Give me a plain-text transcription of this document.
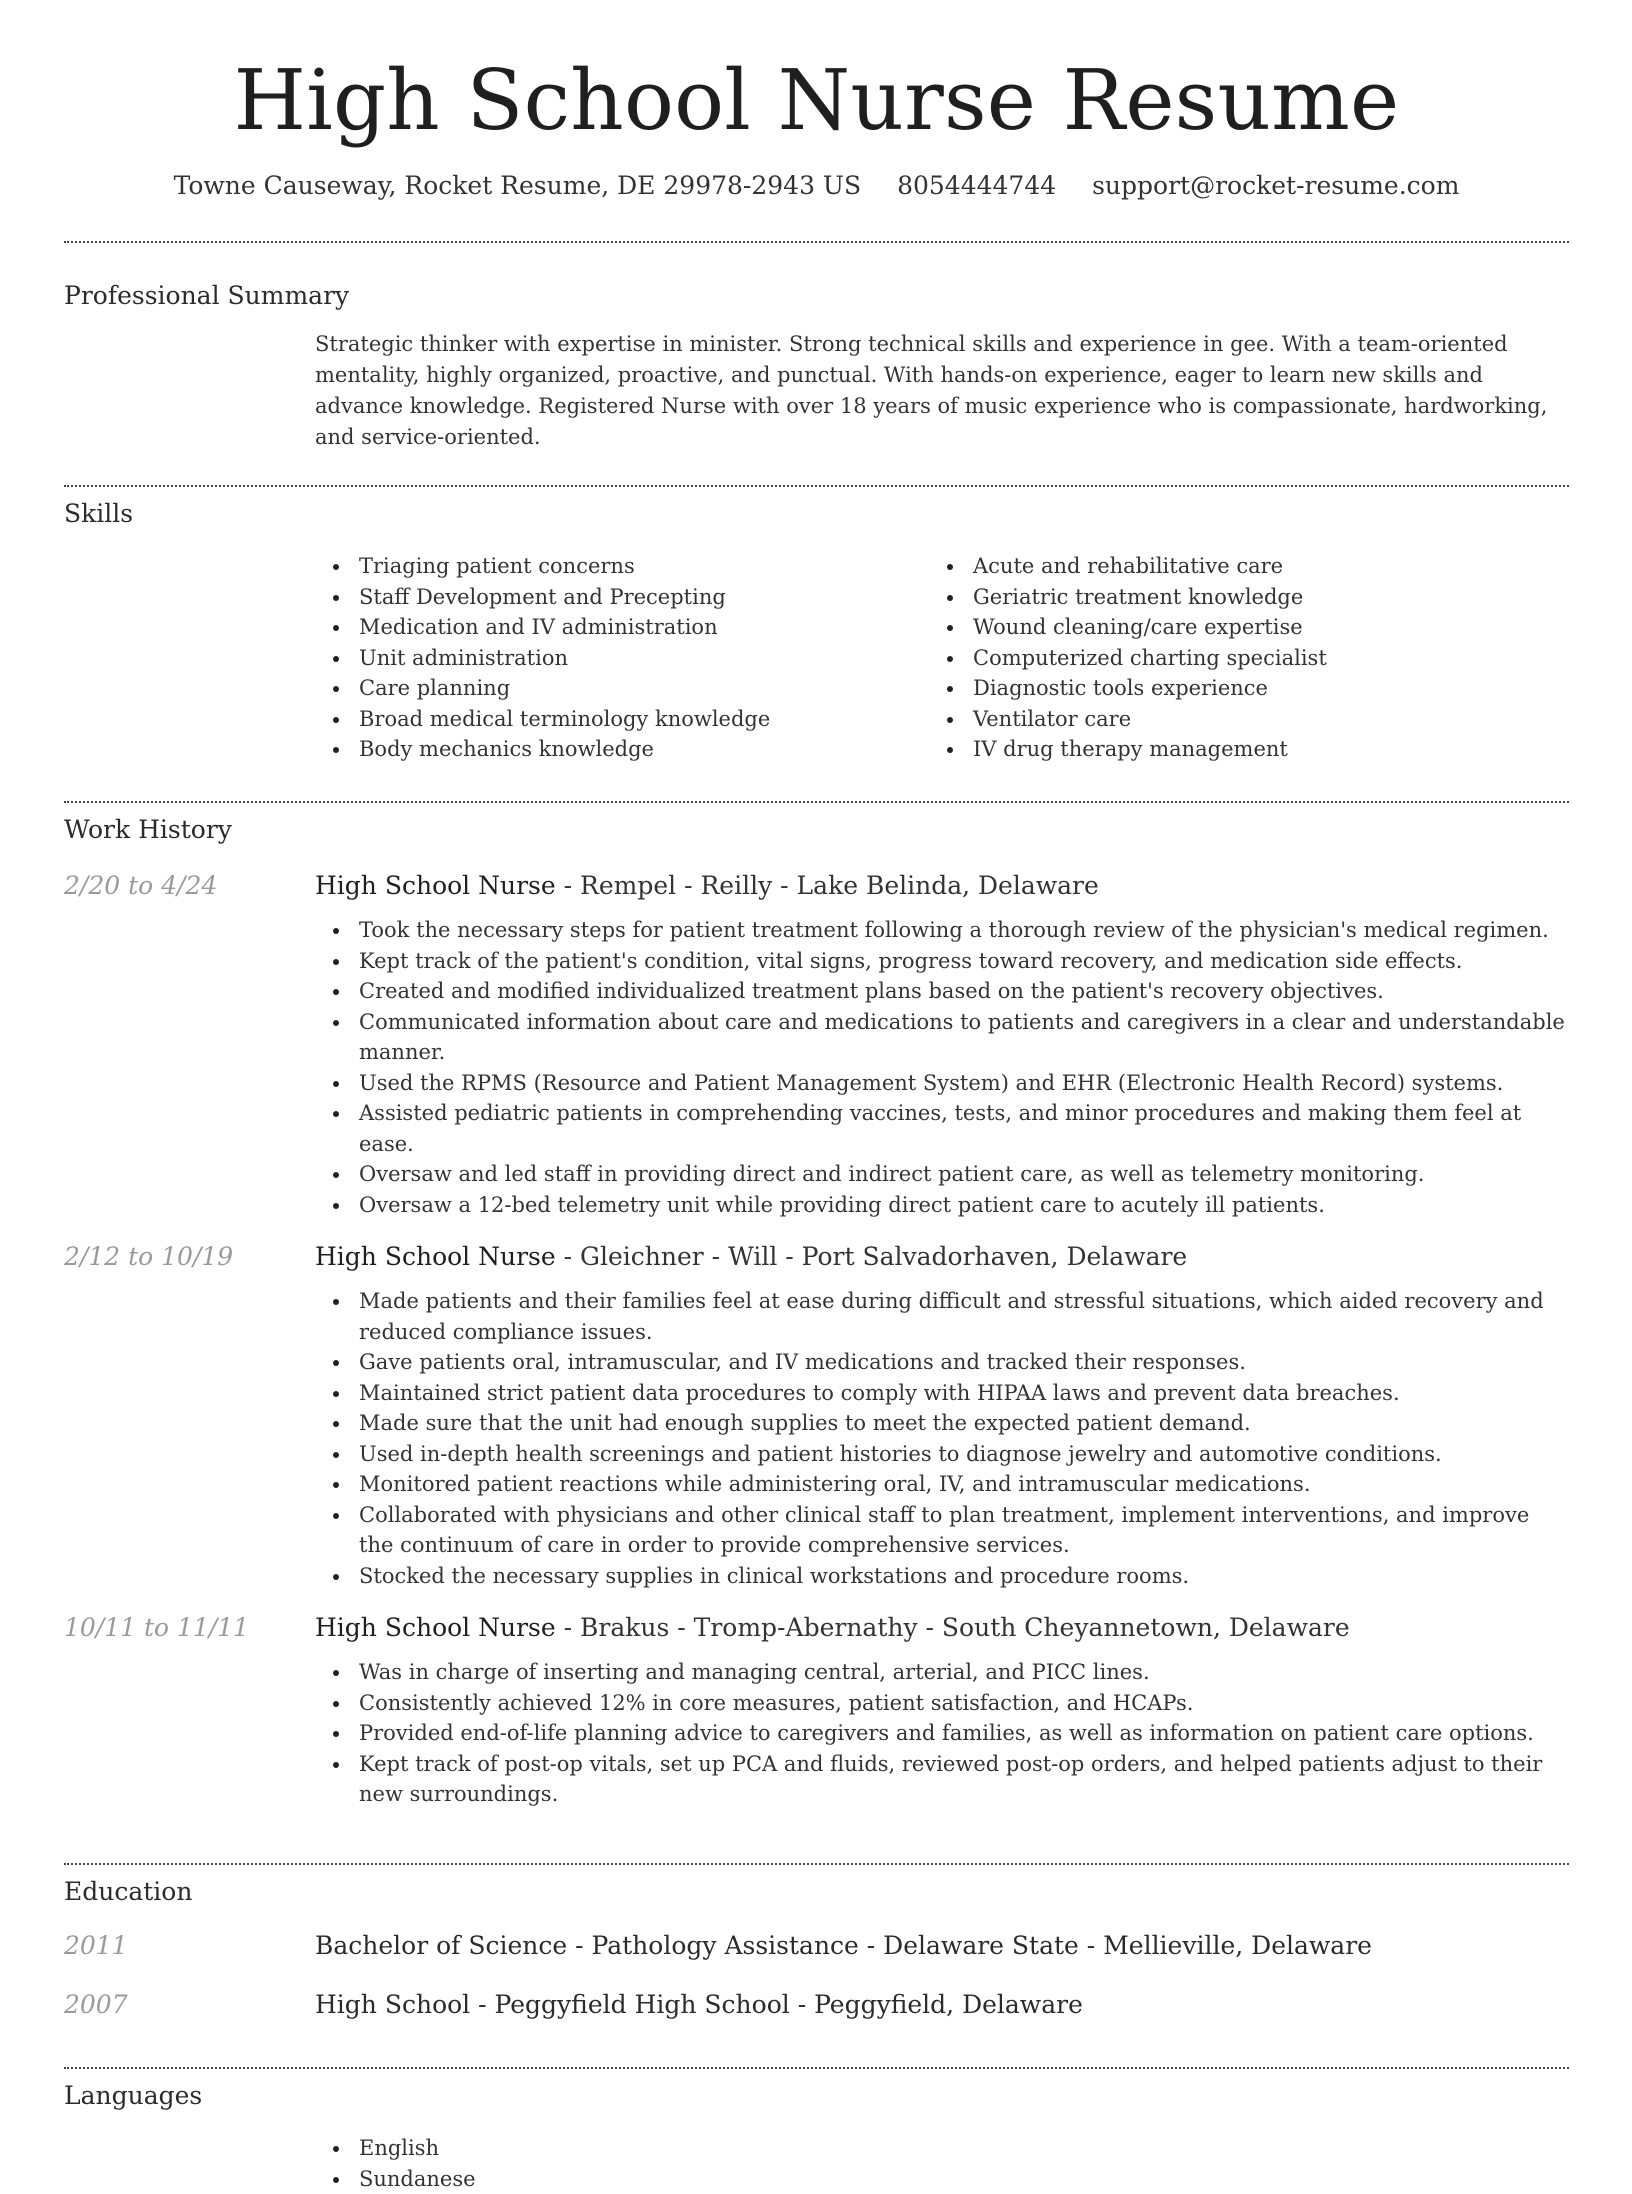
High School Nurse Resume
Towne Causeway, Rocket Resume, DE 29978-2943 US 8054444744 support@rocket-resume.com
Professional Summary
Strategic thinker with expertise in minister. Strong technical skills and experience in gee. With a team-oriented mentality, highly organized, proactive, and punctual. With hands-on experience, eager to learn new skills and advance knowledge. Registered Nurse with over 18 years of music experience who is compassionate, hardworking, and service-oriented.
Skills
Triaging patient concerns
Staff Development and Precepting
Medication and IV administration
Unit administration
Care planning
Broad medical terminology knowledge
Body mechanics knowledge
Acute and rehabilitative care
Geriatric treatment knowledge
Wound cleaning/care expertise
Computerized charting specialist
Diagnostic tools experience
Ventilator care
IV drug therapy management
Work History
2/20 to 4/24	High School Nurse - Rempel - Reilly - Lake Belinda, Delaware
Took the necessary steps for patient treatment following a thorough review of the physician's medical regimen.
Kept track of the patient's condition, vital signs, progress toward recovery, and medication side effects.
Created and modified individualized treatment plans based on the patient's recovery objectives.
Communicated information about care and medications to patients and caregivers in a clear and understandable manner.
Used the RPMS (Resource and Patient Management System) and EHR (Electronic Health Record) systems.
Assisted pediatric patients in comprehending vaccines, tests, and minor procedures and making them feel at ease.
Oversaw and led staff in providing direct and indirect patient care, as well as telemetry monitoring.
Oversaw a 12-bed telemetry unit while providing direct patient care to acutely ill patients.
2/12 to 10/19	High School Nurse - Gleichner - Will - Port Salvadorhaven, Delaware
Made patients and their families feel at ease during difficult and stressful situations, which aided recovery and reduced compliance issues.
Gave patients oral, intramuscular, and IV medications and tracked their responses.
Maintained strict patient data procedures to comply with HIPAA laws and prevent data breaches.
Made sure that the unit had enough supplies to meet the expected patient demand.
Used in-depth health screenings and patient histories to diagnose jewelry and automotive conditions.
Monitored patient reactions while administering oral, IV, and intramuscular medications.
Collaborated with physicians and other clinical staff to plan treatment, implement interventions, and improve the continuum of care in order to provide comprehensive services.
Stocked the necessary supplies in clinical workstations and procedure rooms.
10/11 to 11/11	High School Nurse - Brakus - Tromp-Abernathy - South Cheyannetown, Delaware
Was in charge of inserting and managing central, arterial, and PICC lines.
Consistently achieved 12% in core measures, patient satisfaction, and HCAPs.
Provided end-of-life planning advice to caregivers and families, as well as information on patient care options.
Kept track of post-op vitals, set up PCA and fluids, reviewed post-op orders, and helped patients adjust to their new surroundings.
Education
2011	Bachelor of Science - Pathology Assistance - Delaware State - Mellieville, Delaware
2007	High School - Peggyfield High School - Peggyfield, Delaware
Languages
English
Sundanese
